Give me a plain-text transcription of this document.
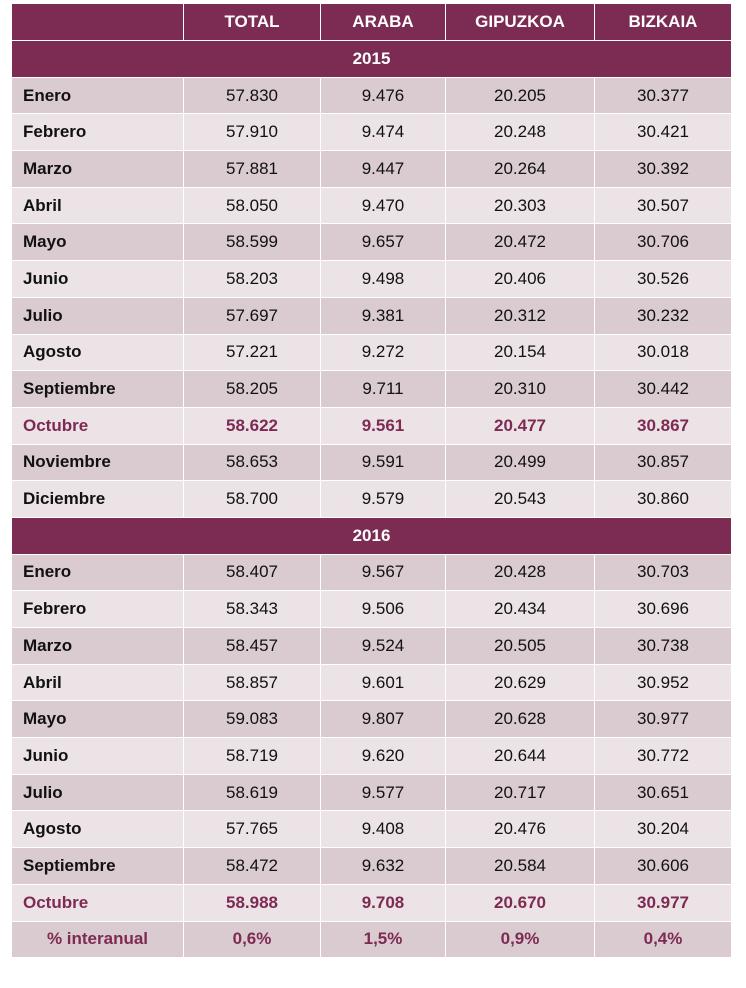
	TOTAL	ARABA	GIPUZKOA	BIZKAIA
2015				
Enero	57.830	9.476	20.205	30.377
Febrero	57.910	9.474	20.248	30.421
Marzo	57.881	9.447	20.264	30.392
Abril	58.050	9.470	20.303	30.507
Mayo	58.599	9.657	20.472	30.706
Junio	58.203	9.498	20.406	30.526
Julio	57.697	9.381	20.312	30.232
Agosto	57.221	9.272	20.154	30.018
Septiembre	58.205	9.711	20.310	30.442
Octubre	58.622	9.561	20.477	30.867
Noviembre	58.653	9.591	20.499	30.857
Diciembre	58.700	9.579	20.543	30.860
2016				
Enero	58.407	9.567	20.428	30.703
Febrero	58.343	9.506	20.434	30.696
Marzo	58.457	9.524	20.505	30.738
Abril	58.857	9.601	20.629	30.952
Mayo	59.083	9.807	20.628	30.977
Junio	58.719	9.620	20.644	30.772
Julio	58.619	9.577	20.717	30.651
Agosto	57.765	9.408	20.476	30.204
Septiembre	58.472	9.632	20.584	30.606
Octubre	58.988	9.708	20.670	30.977
% interanual	0,6%	1,5%	0,9%	0,4%
